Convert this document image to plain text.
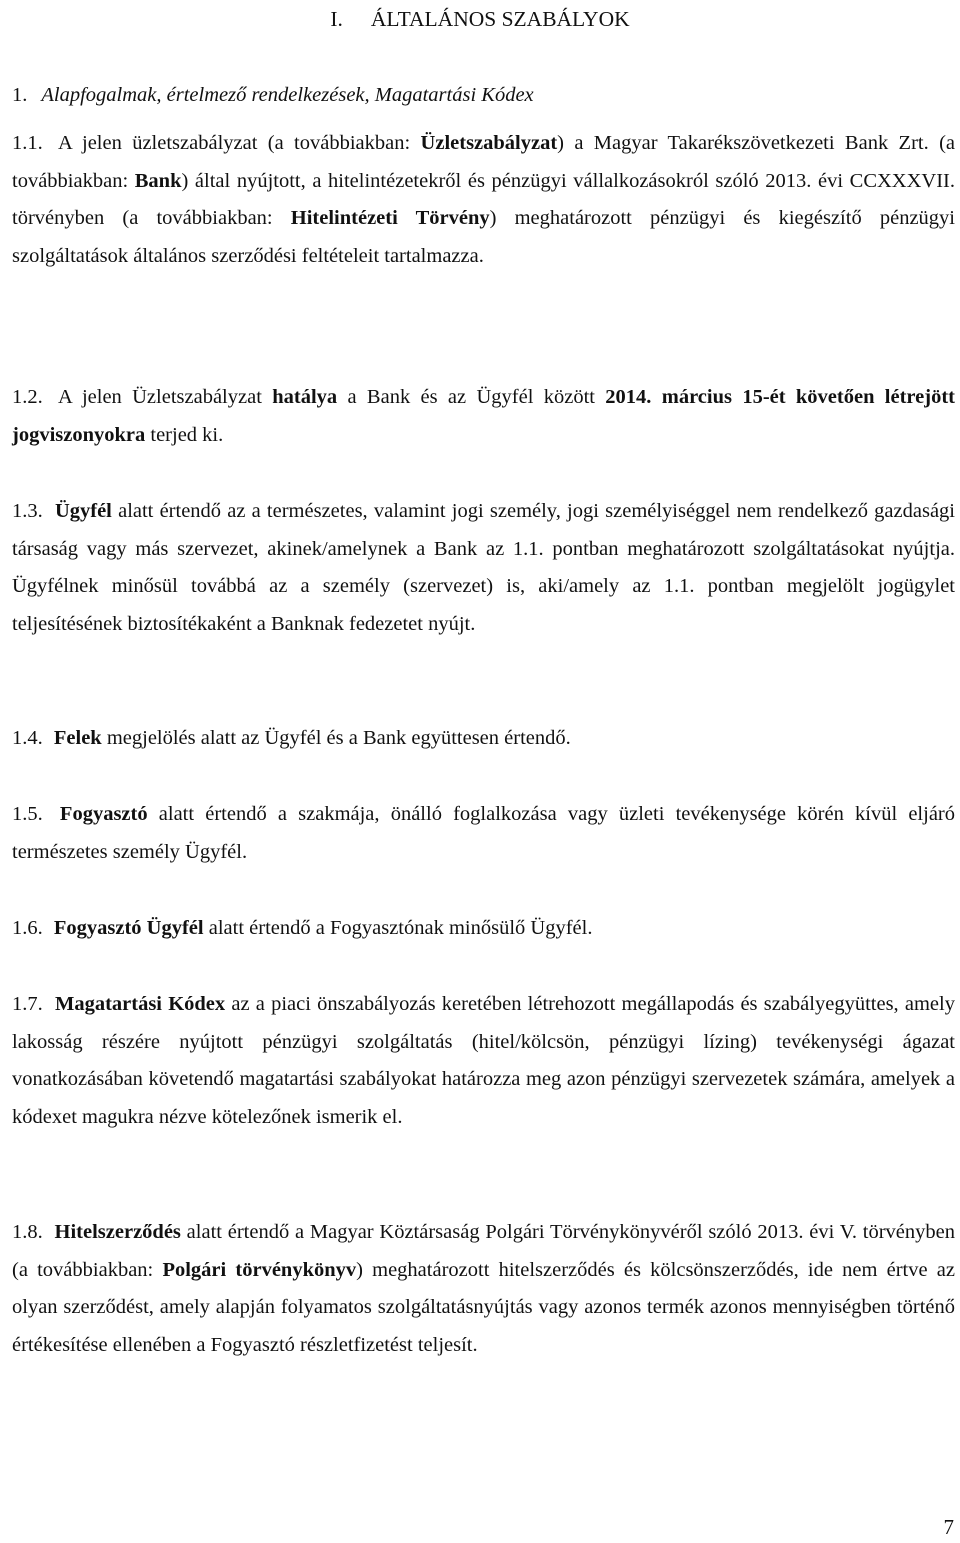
I. ÁLTALÁNOS SZABÁLYOK
1. Alapfogalmak, értelmező rendelkezések, Magatartási Kódex

1.1. A jelen üzletszabályzat (a továbbiakban: Üzletszabályzat) a Magyar Takarékszövetkezeti Bank Zrt. (a továbbiakban: Bank) által nyújtott, a hitelintézetekről és pénzügyi vállalkozásokról szóló 2013. évi CCXXXVII. törvényben (a továbbiakban: Hitelintézeti Törvény) meghatározott pénzügyi és kiegészítő pénzügyi szolgáltatások általános szerződési feltételeit tartalmazza.

1.2. A jelen Üzletszabályzat hatálya a Bank és az Ügyfél között 2014. március 15-ét követően létrejött jogviszonyokra terjed ki.

1.3. Ügyfél alatt értendő az a természetes, valamint jogi személy, jogi személyiséggel nem rendelkező gazdasági társaság vagy más szervezet, akinek/amelynek a Bank az 1.1. pontban meghatározott szolgáltatásokat nyújtja. Ügyfélnek minősül továbbá az a személy (szervezet) is, aki/amely az 1.1. pontban megjelölt jogügylet teljesítésének biztosítékaként a Banknak fedezetet nyújt.

1.4. Felek megjelölés alatt az Ügyfél és a Bank együttesen értendő.

1.5. Fogyasztó alatt értendő a szakmája, önálló foglalkozása vagy üzleti tevékenysége körén kívül eljáró természetes személy Ügyfél.

1.6. Fogyasztó Ügyfél alatt értendő a Fogyasztónak minősülő Ügyfél.

1.7. Magatartási Kódex az a piaci önszabályozás keretében létrehozott megállapodás és szabályegyüttes, amely lakosság részére nyújtott pénzügyi szolgáltatás (hitel/kölcsön, pénzügyi lízing) tevékenységi ágazat vonatkozásában követendő magatartási szabályokat határozza meg azon pénzügyi szervezetek számára, amelyek a kódexet magukra nézve kötelezőnek ismerik el.

1.8. Hitelszerződés alatt értendő a Magyar Köztársaság Polgári Törvénykönyvéről szóló 2013. évi V. törvényben (a továbbiakban: Polgári törvénykönyv) meghatározott hitelszerződés és kölcsönszerződés, ide nem értve az olyan szerződést, amely alapján folyamatos szolgáltatásnyújtás vagy azonos termék azonos mennyiségben történő értékesítése ellenében a Fogyasztó részletfizetést teljesít.

7
